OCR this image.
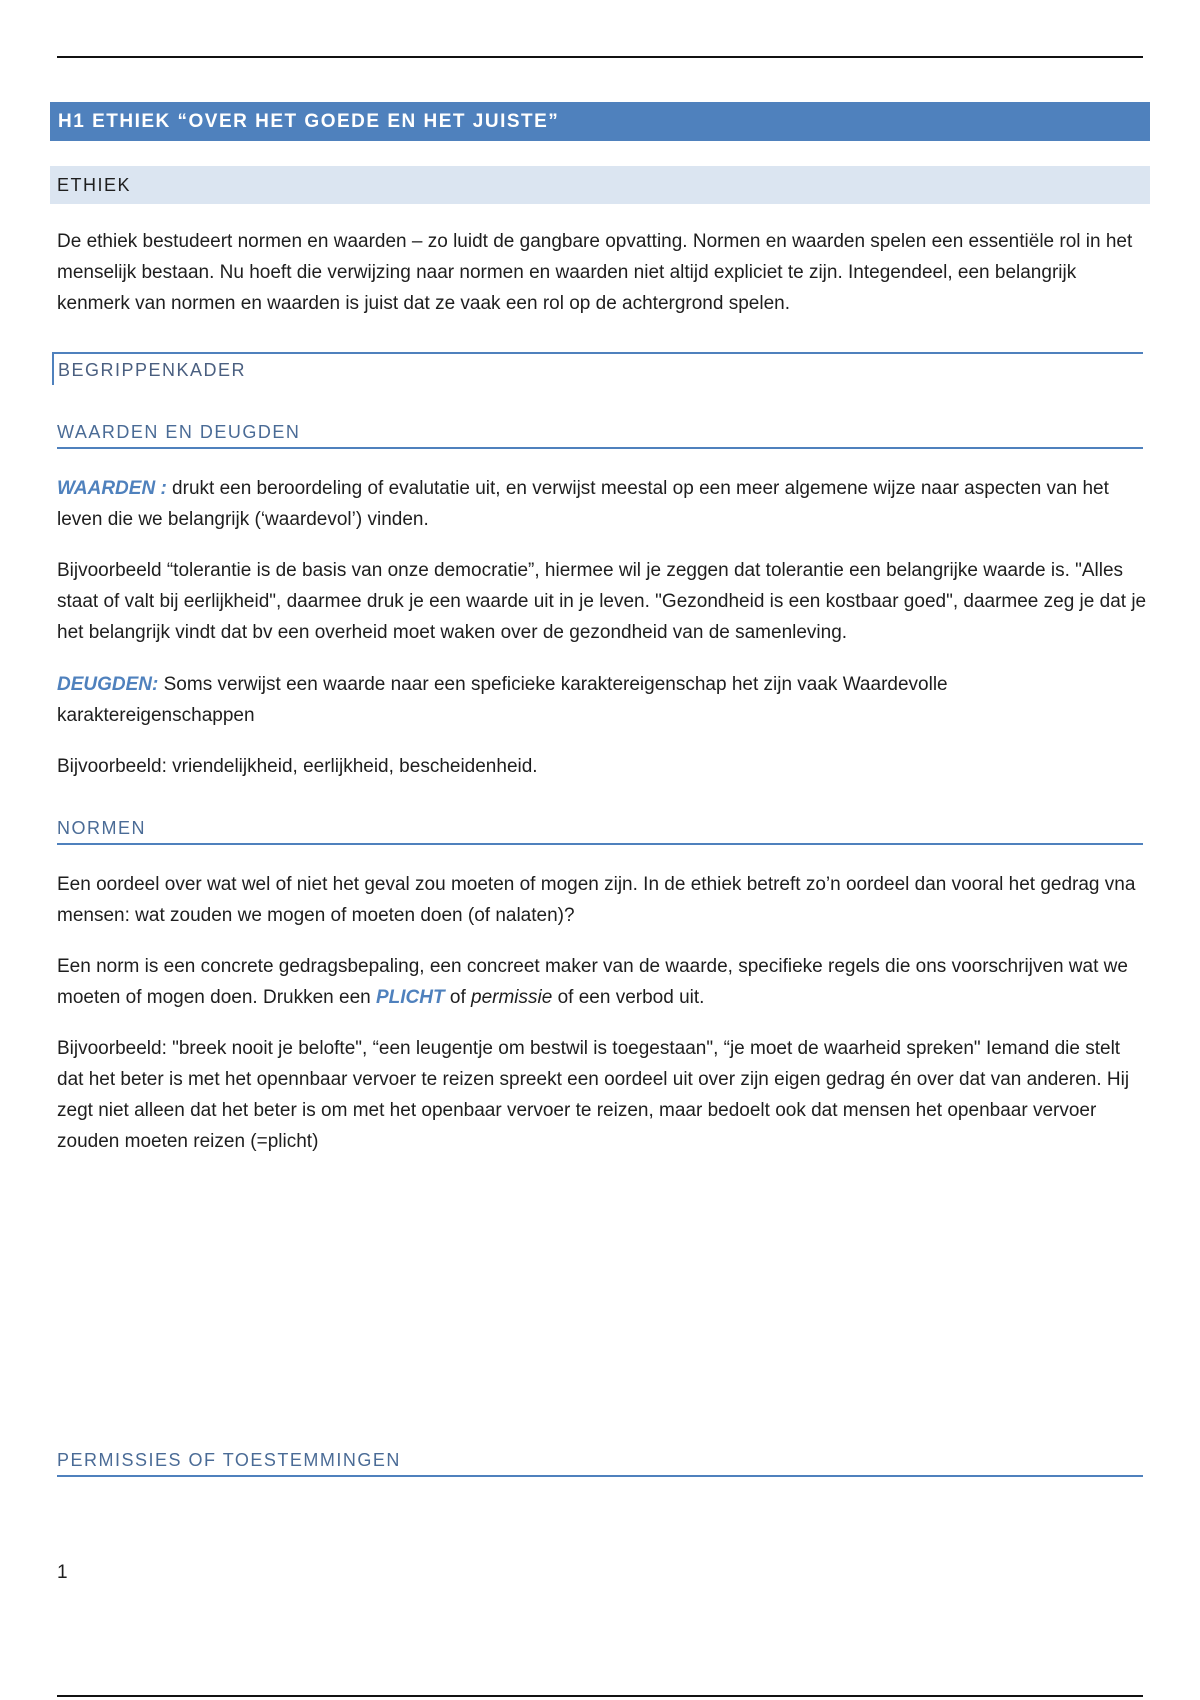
H1 ETHIEK “OVER HET GOEDE EN HET JUISTE”
ETHIEK

De ethiek bestudeert normen en waarden – zo luidt de gangbare opvatting. Normen en waarden spelen een essentiële rol in het menselijk bestaan. Nu hoeft die verwijzing naar normen en waarden niet altijd expliciet te zijn. Integendeel, een belangrijk kenmerk van normen en waarden is juist dat ze vaak een rol op de achtergrond spelen.

BEGRIPPENKADER
WAARDEN EN DEUGDEN

WAARDEN : drukt een beroordeling of evalutatie uit, en verwijst meestal op een meer algemene wijze naar aspecten van het leven die we belangrijk (‘waardevol’) vinden.

Bijvoorbeeld “tolerantie is de basis van onze democratie”, hiermee wil je zeggen dat tolerantie een belangrijke waarde is. "Alles staat of valt bij eerlijkheid", daarmee druk je een waarde uit in je leven. "Gezondheid is een kostbaar goed", daarmee zeg je dat je het belangrijk vindt dat bv een overheid moet waken over de gezondheid van de samenleving.

DEUGDEN: Soms verwijst een waarde naar een speficieke karaktereigenschap het zijn vaak Waardevolle karaktereigenschappen

Bijvoorbeeld: vriendelijkheid, eerlijkheid, bescheidenheid.

NORMEN

Een oordeel over wat wel of niet het geval zou moeten of mogen zijn. In de ethiek betreft zo’n oordeel dan vooral het gedrag vna mensen: wat zouden we mogen of moeten doen (of nalaten)?

Een norm is een concrete gedragsbepaling, een concreet maker van de waarde, specifieke regels die ons voorschrijven wat we moeten of mogen doen. Drukken een PLICHT of permissie of een verbod uit.

Bijvoorbeeld: "breek nooit je belofte", “een leugentje om bestwil is toegestaan", “je moet de waarheid spreken" Iemand die stelt dat het beter is met het opennbaar vervoer te reizen spreekt een oordeel uit over zijn eigen gedrag én over dat van anderen. Hij zegt niet alleen dat het beter is om met het openbaar vervoer te reizen, maar bedoelt ook dat mensen het openbaar vervoer zouden moeten reizen (=plicht)

PERMISSIES OF TOESTEMMINGEN
1
